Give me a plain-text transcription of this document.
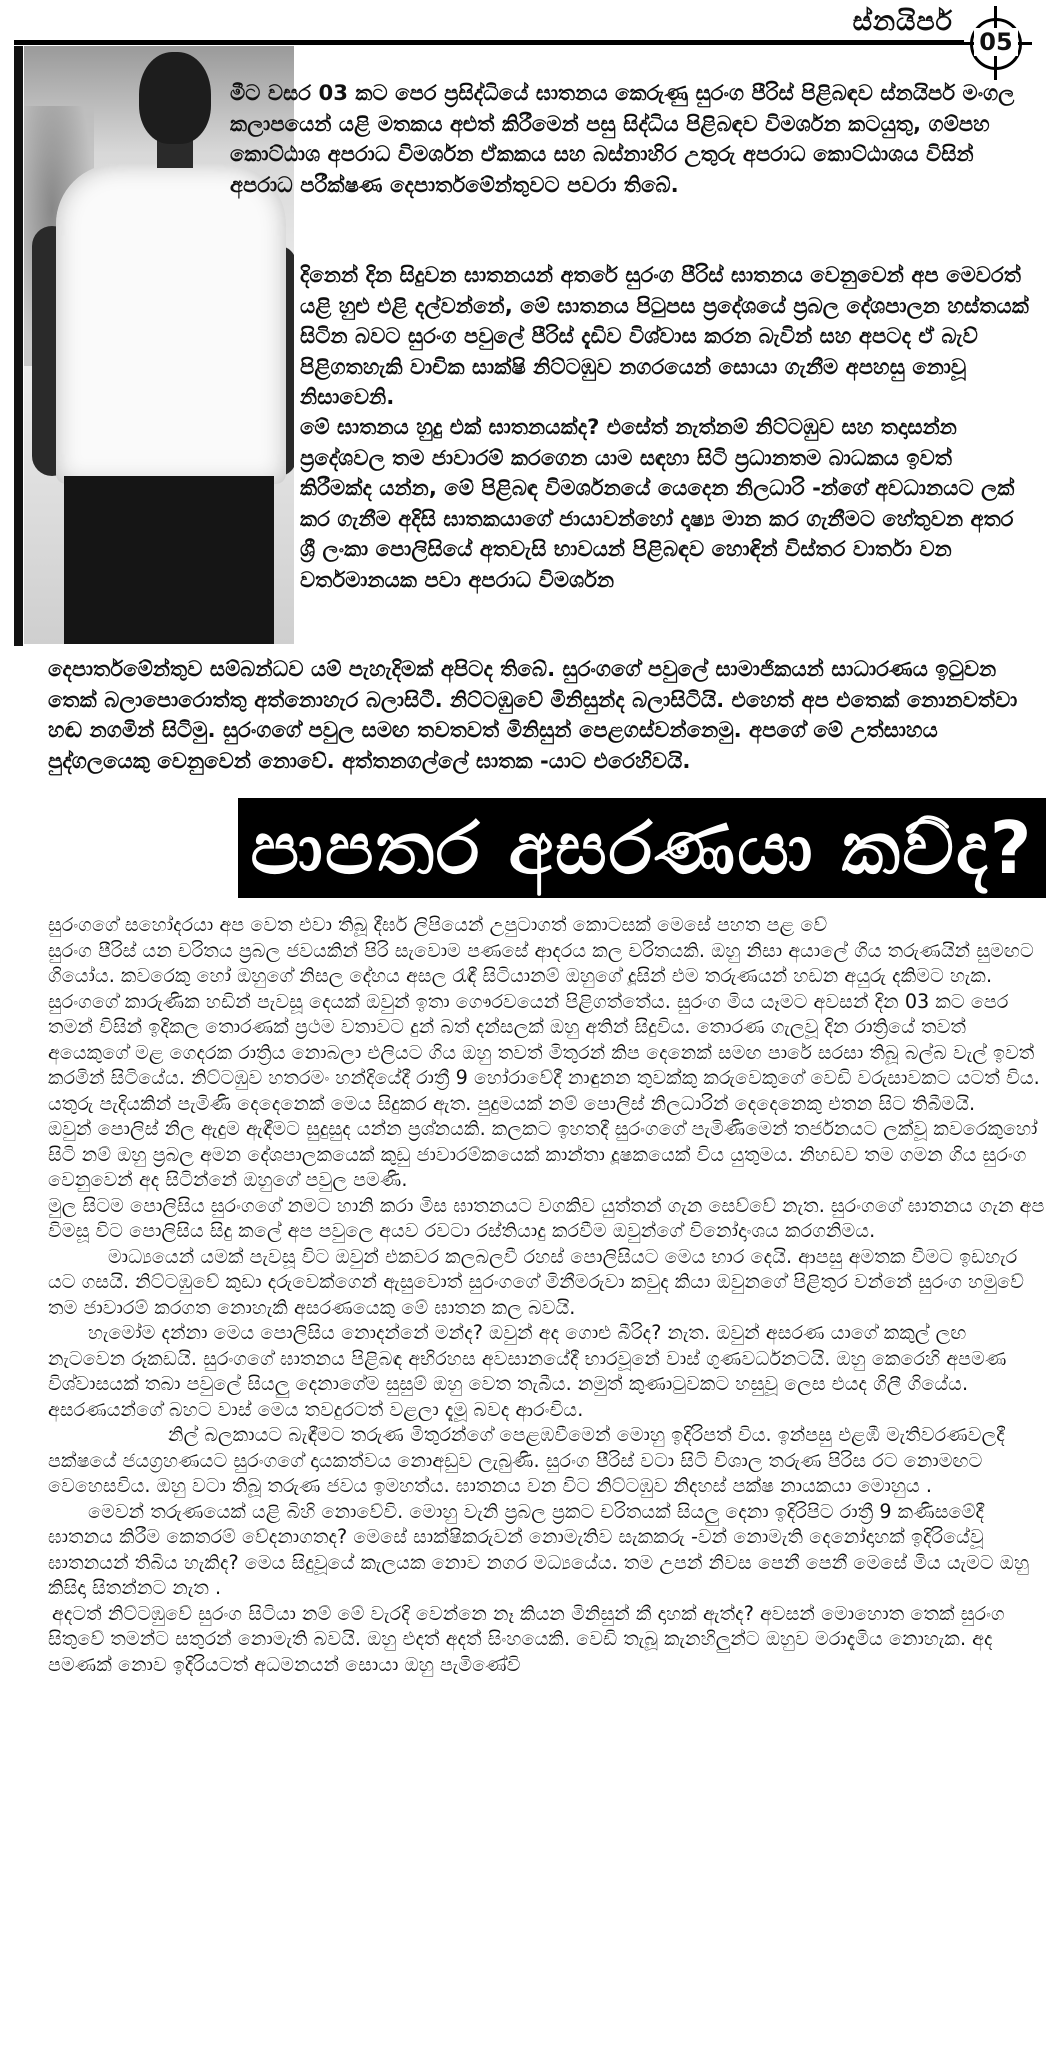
ස්නයිපර්
05

මීට වසර 03 කට පෙර ප්‍රසිද්ධියේ ඝාතනය කෙරුණු සුරංග පීරිස් පිළිබඳව ස්නයිපර් මංගල කලාපයෙන් යළි මතකය අළුත් කිරීමෙන් පසු සිද්ධිය පිළිබඳව විමර්ශන කටයුතු, ගම්පහ කොට්ඨාශ අපරාධ විමර්ශන ඒකකය සහ බස්නාහිර උතුරු අපරාධ කොට්ඨාශය විසින් අපරාධ පරීක්ෂණ දෙපාර්තමේන්තුවට පවරා තිබේ.

දිනෙන් දින සිදුවන ඝාතනයන් අතරේ සුරංග පීරිස් ඝාතනය වෙනුවෙන් අප මෙවරත් යළි හුළු එළි දල්වන්නේ, මේ ඝාතනය පිටුපස ප්‍රදේශයේ ප්‍රබල දේශපාලන හස්තයක් සිටින බවට සුරංග පවුලේ පීරිස් දැඩිව විශ්වාස කරන බැවින් සහ අපටද ඒ බැව් පිළිගතහැකි වාචික සාක්ෂි නිට්ටඹුව නගරයෙන් සොයා ගැනීම අපහසු නොවූ නිසාවෙනි.

මේ ඝාතනය හුදු එක් ඝාතනයක්ද? එසේත් නැත්නම් නිට්ටඹුව සහ තදාසන්න ප්‍රදේශවල තම ජාවාරම් කරගෙන යාම සඳහා සිටි ප්‍රධානතම බාධකය ඉවත් කිරීමක්ද යන්න, මේ පිළිබඳ විමර්ශනයේ යෙදෙන නිලධාරි -න්ගේ අවධානයට ලක් කර ගැනීම අදිසි ඝාතකයාගේ ජායාවන්හෝ දෘෂ්‍ය මාන කර ගැනීමට හේතුවන අතර ශ්‍රී ලංකා පොලිසියේ අතවැසි භාවයන් පිළිබඳව හොඳින් විස්තර වාර්තා වන වර්තමානයක පවා අපරාධ විමර්ශන

දෙපාර්තමේන්තුව සම්බන්ධව යම් පැහැදිමක් අපිටද තිබේ. සුරංගගේ පවුලේ සාමාජිකයන් සාධාරණය ඉටුවන තෙක් බලාපොරොත්තු අත්නොහැර බලාසිටී. නිට්ටඹුවේ මිනිසුන්ද බලාසිටියි. එහෙත් අප එතෙක් නොනවත්වා හඬ නගමින් සිටිමු. සුරංගගේ පවුල සමඟ තවතවත් මිනිසුන් පෙළගස්වන්නෙමු. අපගේ මේ උත්සාහය පුද්ගලයෙකු වෙනුවෙන් නොවේ. අත්තනගල්ලේ ඝාතක -යාට එරෙහිවයි.

පාපතර අසරණයා කව්ද?

සුරංගගේ සහෝදරයා අප වෙත එවා තිබූ දීර්ඝ ලිපියෙන් උපුටාගත් කොටසක් මෙසේ පහත පළ වේ

සුරංග පීරිස් යන චරිතය ප්‍රබල ජවයකින් පිරි සැවොම පණසේ ආදරය කල චරිතයකි. ඔහු නිසා අයාලේ ගිය තරුණයින් සුමඟට ගියෝය. කවරෙකු හෝ ඔහුගේ නිසල දේහය අසල රැඳී සිටියානම් ඔහුගේ දූසින් එම තරුණයන් හඩන අයුරු දකිමට හැක.

සුරංගගේ කාරුණික හඩින් පැවසූ දෙයක් ඔවුන් ඉතා ගෞරවයෙන් පිළිගත්තේය. සුරංග මිය යෑමට අවසන් දින 03 කට පෙර තමන් විසින් ඉදිකල තොරණක් ප්‍රථම වතාවට දුන් බත් දන්සලක් ඔහු අතින් සිදුවිය. තොරණ ගැලවූ දින රාත්‍රියේ තවත් අයෙකුගේ මළ ගෙදරක රාත්‍රිය නොබලා එලියට ගිය ඔහු තවත් මිතුරන් කිප දෙනෙක් සමඟ පාරේ සරසා තිබූ බල්බ වැල් ඉවත් කරමින් සිටියේය. නිට්ටඹුව හතරමං හන්දියේදී රාත්‍රී 9 හෝරාවේදී නාඳුනන තුවක්කු කරුවෙකුගේ වෙඩි වරුසාවකට යටත් විය. යතුරු පැදියකින් පැමිණි දෙදෙනෙක් මෙය සිදුකර ඇත. පුදුමයක් නම් පොලිස් නිලධාරින් දෙදෙනෙකු එතන සිට තිබීමයි.

ඔවුන් පොලිස් නිල ඇදුම ඇඳීමට සුදුසුද යන්න ප්‍රශ්නයකි. කලකට ඉහතදී සුරංගගේ පැමිණිමෙන් තර්ජනයට ලක්වූ කවරෙකුහෝ සිටි නම් ඔහු ප්‍රබල අමන දේශපාලකයෙක් කුඩු ජාවාරම්කයෙක් කාන්තා දූෂකයෙක් විය යුතුමය. නිහඩව තම ගමන ගිය සුරංග වෙනුවෙන් අද සිටින්නේ ඔහුගේ පවුල පමණි.

මුල සිටම පොලිසිය සුරංගගේ නමට හානි කරා මිස ඝාතනයට වගකිව යුත්තන් ගැන සෙව්වේ නැත. සුරංගගේ ඝාතනය ගැන අප විමසූ විට පොලිසිය සිදු කලේ අප පවුලෙ අයව රවටා රස්තියාදු කරවීම ඔවුන්ගේ විනෝදාංශය කරගනිමය.

මාධ්‍යයෙන් යමක් පැවසූ විට ඔවුන් එකවර කලබලවී රහස් පොලිසියට මෙය භාර දෙයි. ආපසු අමතක වීමට ඉඩහැර යට ගසයි. නිට්ටඹුවේ කුඩා දරුවෙක්ගෙන් ඇසුවොත් සුරංගගේ මිනීමරුවා කවුද කියා ඔවුනගේ පිළිතුර වන්නේ සුරංග හමුවේ තම ජාවාරම් කරගත නොහැකි අසරණයෙකු මේ ඝාතන කල බවයි.

හැමෝම දන්නා මෙය පොලිසිය නොදන්නේ මන්ද? ඔවුන් අද ගොළු බීරිද? නැත. ඔවුන් අසරණ යාගේ කකුල් ලඟ නැටවෙන රූකඩයි. සුරංගගේ ඝාතනය පිළිබඳ අභිරහස අවසානයේදී භාරවූනේ වාස් ගුණවර්ධනටයි. ඔහු කෙරෙහි අපමණ විශ්වාසයක් තබා පවුලේ සියලු දෙනාගේම සුසුම් ඔහු වෙත තැබීය. නමුත් කුණාටුවකට හසුවූ ලෙස එයද ගිලී ගියේය. අසරණයන්ගේ බහට වාස් මෙය තවදුරටත් වළලා දැමූ බවද ආරංචිය.

නිල් බලකායට බැඳීමට තරුණ මිතුරන්ගේ පෙළඹවීමෙන් මොහු ඉදිරිපත් විය. ඉන්පසු එළඹී මැතිවරණවලදී පක්ෂයේ ජයග්‍රහණයට සුරංගගේ දායකත්වය නොඅඩුව ලැබුණි. සුරංග පීරිස් වටා සිටි විශාල තරුණ පිරිස රට නොමඟට වෙහෙසවිය. ඔහු වටා තිබූ තරුණ ජවය ඉමහත්ය. ඝාතනය වන විට නිට්ටඹුව නිදහස් පක්ෂ නායකයා මොහුය .

මෙවන් තරුණයෙක් යළි බිහි නොවේවි. මොහු වැනි ප්‍රබල ප්‍රකට චරිතයක් සියලු දෙනා ඉදිරිපිට රාත්‍රී 9 කණිසමේදී ඝාතනය කිරීම කෙතරම් වේදනාගතද? මෙසේ සාක්ෂිකරුවන් නොමැතිව සැකකරු -වන් නොමැති දෙනෝදාහක් ඉදිරියේවූ ඝාතනයන් තිබිය හැකිද? මෙය සිදුවූයේ කැලයක නොව නගර මධ්‍යයේය. තම උපන් නිවස පෙනී පෙනී මෙසේ මිය යැමට ඔහු කිසිදා සිතන්නට නැත .

අදටත් නිට්ටඹුවේ සුරංග සිටියා නම් මේ වැරදි වෙන්නෙ නෑ කියන මිනිසුන් කී දාහක් ඇත්ද? අවසන් මොහොත තෙක් සුරංග සිතුවේ තමන්ට සතුරන් නොමැති බවයි. ඔහු එදත් අදත් සිංහයෙකි. වෙඩි තැබූ කැනහිලුන්ට ඔහුව මරාදැමිය නොහැක. අද පමණක් නොව ඉදිරියටත් අධමනයන් සොයා ඔහු පැමිණේවි
